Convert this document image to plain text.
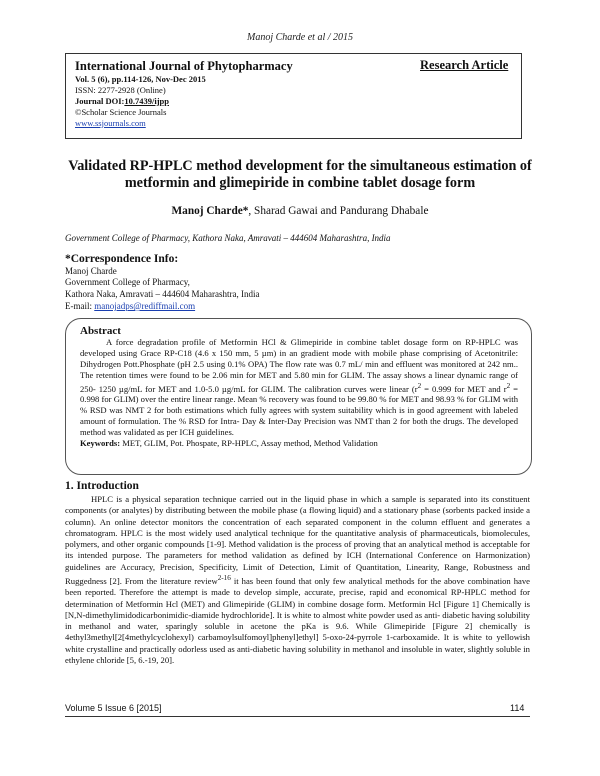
Manoj Charde et al / 2015
International Journal of Phytopharmacy	Research Article
Vol. 5 (6), pp.114-126, Nov-Dec 2015
ISSN: 2277-2928 (Online)
Journal DOI:10.7439/ijpp
©Scholar Science Journals
www.ssjournals.com
Validated RP-HPLC method development for the simultaneous estimation of metformin and glimepiride in combine tablet dosage form
Manoj Charde*, Sharad Gawai and Pandurang Dhabale
Government College of Pharmacy, Kathora Naka, Amravati – 444604 Maharashtra, India
*Correspondence Info:
Manoj Charde
Government College of Pharmacy,
Kathora Naka, Amravati – 444604 Maharashtra, India
E-mail: manojadps@rediffmail.com
Abstract

A force degradation profile of Metformin HCl & Glimepiride in combine tablet dosage form on RP-HPLC was developed using Grace RP-C18 (4.6 x 150 mm, 5 µm) in an gradient mode with mobile phase comprising of Acetonitrile: Dihydrogen Pott.Phosphate (pH 2.5 using 0.1% OPA) The flow rate was 0.7 mL/ min and effluent was monitored at 242 nm.. The retention times were found to be 2.06 min for MET and 5.80 min for GLIM. The assay shows a linear dynamic range of 250- 1250 µg/mL for MET and 1.0-5.0 µg/mL for GLIM. The calibration curves were linear ($r^2 = 0.999$ for MET and $r^2 = 0.998$ for GLIM) over the entire linear range. Mean % recovery was found to be 99.80 % for MET and 98.93 % for GLIM with % RSD was NMT 2 for both estimations which fully agrees with system suitability which is in good agreement with labeled amount of formulation. The % RSD for Intra- Day & Inter-Day Precision was NMT than 2 for both the drugs. The developed method was validated as per ICH guidelines.

Keywords: MET, GLIM, Pot. Phospate, RP-HPLC, Assay method, Method Validation

1. Introduction

HPLC is a physical separation technique carried out in the liquid phase in which a sample is separated into its constituent components (or analytes) by distributing between the mobile phase (a flowing liquid) and a stationary phase (sorbents packed inside a column). An online detector monitors the concentration of each separated component in the column effluent and generates a chromatogram. HPLC is the most widely used analytical technique for the quantitative analysis of pharmaceuticals, biomolecules, polymers, and other organic compounds [1-9]. Method validation is the process of proving that an analytical method is acceptable for its intended purpose. The parameters for method validation as defined by ICH (International Conference on Harmonization) guidelines are Accuracy, Precision, Specificity, Limit of Detection, Limit of Quantitation, Linearity, Range, Robustness and Ruggedness [2]. From the literature review$^{2-16}$ it has been found that only few analytical methods for the above combination have been reported. Therefore the attempt is made to develop simple, accurate, precise, rapid and economical RP-HPLC method for determination of Metformin Hcl (MET) and Glimepiride (GLIM) in combine dosage form. Metformin Hcl [Figure 1] Chemically is [N,N-dimethylimidodicarbonimidic-diamide hydrochloride]. It is white to almost white powder used as anti- diabetic having solubility in methanol and water, sparingly soluble in acetone the pKa is 9.6. While Glimepiride [Figure 2] chemically is 4ethyl3methyl[2[4methylcyclohexyl) carbamoylsulfomoyl]phenyl]ethyl] 5-oxo-24-pyrrole 1-carboxamide. It is white to yellowish white crystalline and practically odorless used as anti-diabetic having solubility in methanol and insoluble in water, slightly soluble in ethylene chloride [5, 6.-19, 20].

Volume 5 Issue 6 [2015]	114
